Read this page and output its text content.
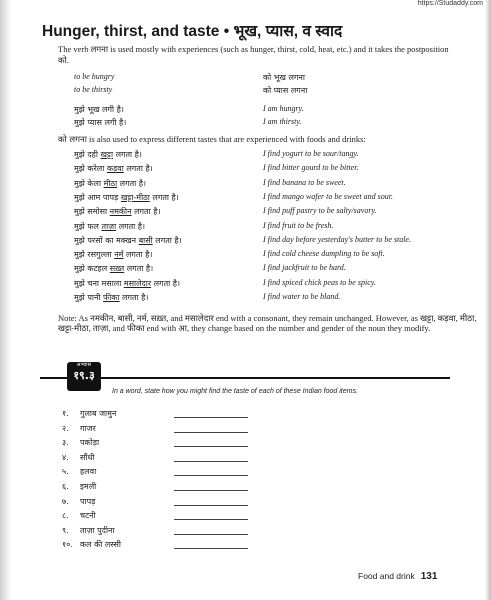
https://Studaddy.com
Hunger, thirst, and taste • भूख, प्यास, व स्वाद
The verb लगना is used mostly with experiences (such as hunger, thirst, cold, heat, etc.) and it takes the postposition को.
to be hungry	को भूख लगना
to be thirsty	को प्यास लगना
मुझे भूख लगी है।	I am hungry.
मुझे प्यास लगी है।	I am thirsty.
को लगना is also used to express different tastes that are experienced with foods and drinks:
मुझे दही खट्टा लगता है।	I find yogurt to be sour/tangy.
मुझे करेला कड़वा लगता है।	I find bitter gourd to be bitter.
मुझे केला मीठा लगता है।	I find banana to be sweet.
मुझे आम पापड़ खट्टा-मीठा लगता है।	I find mango wafer to be sweet and sour.
मुझे समोसा नमकीन लगता है।	I find puff pastry to be salty/savory.
मुझे फल ताज़ा लगता है।	I find fruit to be fresh.
मुझे परसों का मक्खन बासी लगता है।	I find day before yesterday's butter to be stale.
मुझे रसगुल्ला नर्म लगता है।	I find cold cheese dumpling to be soft.
मुझे कटहल सख़्त लगता है।	I find jackfruit to be hard.
मुझे चना मसाला मसालेदार लगता है।	I find spiced chick peas to be spicy.
मुझे पानी फीका लगता है।	I find water to be bland.
Note: As नमकीन, बासी, नर्म, सख़्त, and मसालेदार end with a consonant, they remain unchanged. However, as खट्टा, कड़वा, मीठा, खट्टा-मीठा, ताज़ा, and फीका end with आ, they change based on the number and gender of the noun they modify.
अभ्यास
१९.३
In a word, state how you might find the taste of each of these Indian food items.
१. गुलाब जामुन
२. गाजर
३. पकोड़ा
४. सौंधी
५. हलवा
६. इमली
७. पापड़
८. चटनी
९. ताज़ा पुदीना
१०. कल की लस्सी
Food and drink 131
